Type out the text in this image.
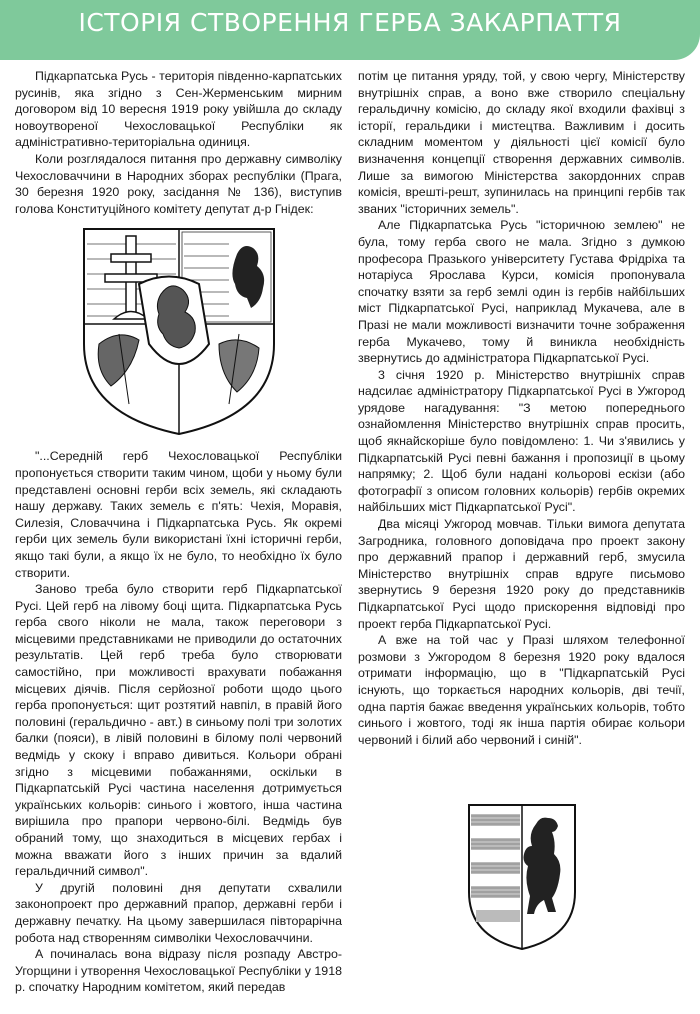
ІСТОРІЯ СТВОРЕННЯ ГЕРБА ЗАКАРПАТТЯ

Підкарпатська Русь - територія південно-карпатських русинів, яка згідно з Сен-Жерменським мирним договором від 10 вересня 1919 року увійшла до складу новоутвореної Чехословацької Республіки як адміністративно-територіальна одиниця.

Коли розглядалося питання про державну символіку Чехословаччини в Народних зборах республіки (Прага, 30 березня 1920 року, засідання № 136), виступив голова Конституційного комітету депутат д-р Гнідек:

"...Середній герб Чехословацької Республіки пропонується створити таким чином, щоби у ньому були представлені основні герби всіх земель, які складають нашу державу. Таких земель є п'ять: Чехія, Моравія, Силезія, Словаччина і Підкарпатська Русь. Як окремі герби цих земель були використані їхні історичні герби, якщо такі були, а якщо їх не було, то необхідно їх було створити.

Заново треба було створити герб Підкарпатської Русі. Цей герб на лівому боці щита. Підкарпатська Русь герба свого ніколи не мала, також переговори з місцевими представниками не приводили до остаточних результатів. Цей герб треба було створювати самостійно, при можливості врахувати побажання місцевих діячів. Після серйозної роботи щодо цього герба пропонується: щит розтятий навпіл, в правій його половині (геральдично - авт.) в синьому полі три золотих балки (пояси), в лівій половині в білому полі червоний ведмідь у скоку і вправо дивиться. Кольори обрані згідно з місцевими побажаннями, оскільки в Підкарпатській Русі частина населення дотримується українських кольорів: синього і жовтого, інша частина вирішила про прапори червоно-білі. Ведмідь був обраний тому, що знаходиться в місцевих гербах і можна вважати його з інших причин за вдалий геральдичний символ".

У другій половині дня депутати схвалили законопроект про державний прапор, державні герби і державну печатку. На цьому завершилася півторарічна робота над створенням символіки Чехословаччини.

А починалась вона відразу після розпаду Австро-Угорщини і утворення Чехословацької Республіки у 1918 р. спочатку Народним комітетом, який передав

потім це питання уряду, той, у свою чергу, Міністерству внутрішніх справ, а воно вже створило спеціальну геральдичну комісію, до складу якої входили фахівці з історії, геральдики і мистецтва. Важливим і досить складним моментом у діяльності цієї комісії було визначення концепції створення державних символів. Лише за вимогою Міністерства закордонних справ комісія, врешті-решт, зупинилась на принципі гербів так званих "історичних земель".

Але Підкарпатська Русь "історичною землею" не була, тому герба свого не мала. Згідно з думкою професора Празького університету Густава Фрідріха та нотаріуса Ярослава Курси, комісія пропонувала спочатку взяти за герб землі один із гербів найбільших міст Підкарпатської Русі, наприклад Мукачева, але в Празі не мали можливості визначити точне зображення герба Мукачево, тому й виникла необхідність звернутись до адміністратора Підкарпатської Русі.

3 січня 1920 р. Міністерство внутрішніх справ надсилає адміністратору Підкарпатської Русі в Ужгород урядове нагадування: "З метою попереднього ознайомлення Міністерство внутрішніх справ просить, щоб якнайскоріше було повідомлено: 1. Чи з'явились у Підкарпатській Русі певні бажання і пропозиції в цьому напрямку; 2. Щоб були надані кольорові ескізи (або фотографії з описом головних кольорів) гербів окремих найбільших міст Підкарпатської Русі".

Два місяці Ужгород мовчав. Тільки вимога депутата Загродника, головного доповідача про проект закону про державний прапор і державний герб, змусила Міністерство внутрішніх справ вдруге письмово звернутись 9 березня 1920 року до представників Підкарпатської Русі щодо прискорення відповіді про проект герба Підкарпатської Русі.

А вже на той час у Празі шляхом телефонної розмови з Ужгородом 8 березня 1920 року вдалося отримати інформацію, що в "Підкарпатській Русі існують, що торкається народних кольорів, дві течії, одна партія бажає введення українських кольорів, тобто синього і жовтого, тоді як інша партія обирає кольори червоний і білий або червоний і синій".
